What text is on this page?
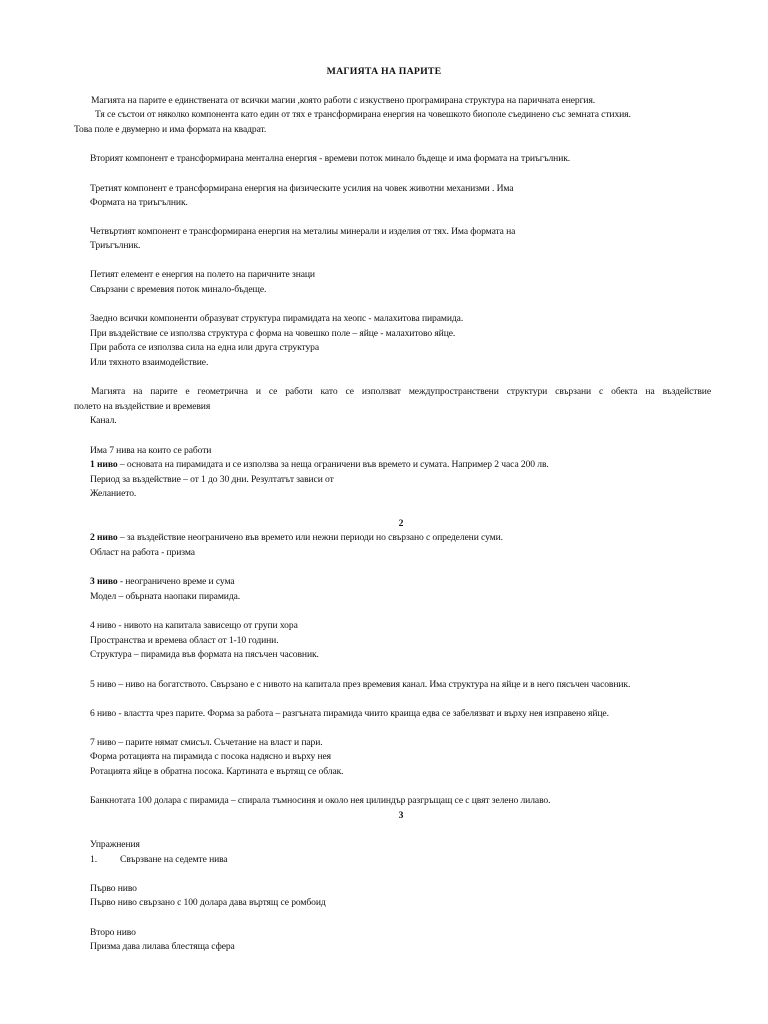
МАГИЯТА НА ПАРИТЕ
Магията на парите е единствената от всички магии ,която работи с изкуствено програмирана структура на паричната енергия.
Тя се състои от няколко компонента като един от тях е трансформирана енергия на човешкото биополе съединено със земната стихия.
Това поле е двумерно и има формата на квадрат.
Вторият компонент е трансформирана ментална енергия - времеви поток минало бъдеще и има формата на триъгълник.
Третият компонент е трансформирана енергия на физическите усилия на човек животни механизми . Има
Формата на триъгълник.
Четвъртият компонент е трансформирана енергия на металиы минерали и изделия от тях. Има формата на
Триъгълник.
Петият елемент е енергия на полето на паричните знаци
Свързани с времевия поток минало-бъдеще.
Заедно всички компоненти образуват структура пирамидата на хеопс - малахитова пирамида.
При въздействие се използва структура с форма на човешко поле – яйце - малахитово яйце.
При работа се използва сила на една или друга структура
Или тяхното взаимодействие.
Магията на парите е геометрична и се работи като се използват междупространствени структури свързани с обекта на въздействие
полето на въздействие и времевия
Канал.
Има 7 нива на които се работи
1 ниво – основата на пирамидата и се използва за неща ограничени във времето и сумата. Например 2 часа 200 лв.
Период за въздействие – от 1 до 30 дни. Резултатът зависи от
Желанието.
2
2 ниво – за въздействие неограничено във времето или нежни периоди но свързано с определени суми.
Област на работа - призма
3 ниво - неограничено време и сума
Модел – обърната наопаки пирамида.
4 ниво - нивото на капитала зависещо от групи хора
Пространства и времева област от 1-10 години.
Структура – пирамида във формата на пясъчен часовник.
5 ниво – ниво на богатството. Свързано е с нивото на капитала през времевия канал. Има структура на яйце и в него пясъчен часовник.
6 ниво - властта чрез парите. Форма за работа – разгъната пирамида чиито краища едва се забелязват и върху нея изправено яйце.
7 ниво – парите нямат смисъл. Съчетание на власт и пари.
Форма ротацията на пирамида с посока надясно и върху нея
Ротацията яйце в обратна посока. Картината е въртящ се облак.
Банкнотата 100 долара с пирамида – спирала тъмносиня и около нея цилиндър разгръщащ се с цвят зелено лилаво.
3
Упражнения
1. Свързване на седемте нива
Първо ниво
Първо ниво свързано с 100 долара дава въртящ се ромбоид
Второ ниво
Призма дава лилава блестяща сфера
